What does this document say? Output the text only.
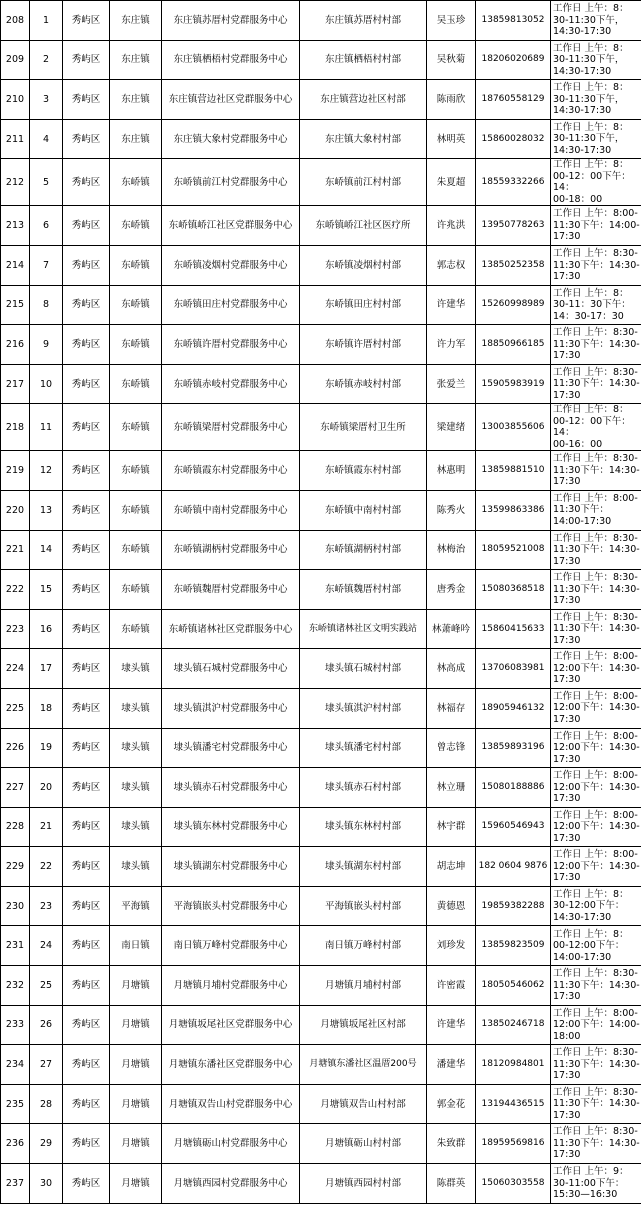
208	1	秀屿区	东庄镇	东庄镇苏厝村党群服务中心	东庄镇苏厝村村部	吴玉珍	13859813052	工作日 上午：8：
30-11:30下午，
14:30-17:30
209	2	秀屿区	东庄镇	东庄镇栖梧村党群服务中心	东庄镇栖梧村村部	吴秋菊	18206020689	工作日 上午：8：
30-11:30下午，
14:30-17:30
210	3	秀屿区	东庄镇	东庄镇营边社区党群服务中心	东庄镇营边社区村部	陈雨欣	18760558129	工作日 上午：8：
30-11:30下午，
14:30-17:30
211	4	秀屿区	东庄镇	东庄镇大象村党群服务中心	东庄镇大象村村部	林明英	15860028032	工作日 上午：8：
30-11:30下午，
14:30-17:30
212	5	秀屿区	东峤镇	东峤镇前江村党群服务中心	东峤镇前江村村部	朱夏超	18559332266	工作日 上午：8：
00-12：00下午：14：
00-18：00
213	6	秀屿区	东峤镇	东峤镇峤江社区党群服务中心	东峤镇峤江社区医疗所	许兆洪	13950778263	工作日 上午：8:00-
11:30下午：14:00-
17:30
214	7	秀屿区	东峤镇	东峤镇凌烟村党群服务中心	东峤镇凌烟村村部	郭志权	13850252358	工作日 上午：8:30-
11:30下午：14:30-
17:30
215	8	秀屿区	东峤镇	东峤镇田庄村党群服务中心	东峤镇田庄村村部	许建华	15260998989	工作日 上午：8：
30-11：30下午：
14：30-17：30
216	9	秀屿区	东峤镇	东峤镇许厝村党群服务中心	东峤镇许厝村村部	许力军	18850966185	工作日 上午：8:30-
11:30下午：14:30-
17:30
217	10	秀屿区	东峤镇	东峤镇赤岐村党群服务中心	东峤镇赤岐村村部	张爱兰	15905983919	工作日 上午：8:30-
11:30下午：14:30-
17:30
218	11	秀屿区	东峤镇	东峤镇梁厝村党群服务中心	东峤镇梁厝村卫生所	梁建绪	13003855606	工作日 上午：8：
00-12：00下午：14：
00-16：00
219	12	秀屿区	东峤镇	东峤镇霞东村党群服务中心	东峤镇霞东村村部	林惠明	13859881510	工作日 上午：8:30-
11:30下午：14:30-
17:30
220	13	秀屿区	东峤镇	东峤镇中南村党群服务中心	东峤镇中南村村部	陈秀火	13599863386	工作日 上午：8:00-
11:30下午：
14:00-17:30
221	14	秀屿区	东峤镇	东峤镇湖柄村党群服务中心	东峤镇湖柄村村部	林梅治	18059521008	工作日 上午：8:30-
11:30下午：14:30-
17:30
222	15	秀屿区	东峤镇	东峤镇魏厝村党群服务中心	东峤镇魏厝村村部	唐秀金	15080368518	工作日 上午：8:30-
11:30下午：14:30-
17:30
223	16	秀屿区	东峤镇	东峤镇诸林社区党群服务中心	东峤镇诸林社区文明实践站	林萧峰吟	15860415633	工作日 上午：8:30-
11:30下午：14:30-
17:30
224	17	秀屿区	埭头镇	埭头镇石城村党群服务中心	埭头镇石城村村部	林高成	13706083981	工作日 上午：8:00-
12:00下午：14:30-
17:30
225	18	秀屿区	埭头镇	埭头镇淇沪村党群服务中心	埭头镇淇沪村村部	林福存	18905946132	工作日 上午：8:00-
12:00下午：14:30-
17:30
226	19	秀屿区	埭头镇	埭头镇潘宅村党群服务中心	埭头镇潘宅村村部	曾志锋	13859893196	工作日 上午：8:00-
12:00下午：14:30-
17:30
227	20	秀屿区	埭头镇	埭头镇赤石村党群服务中心	埭头镇赤石村村部	林立珊	15080188886	工作日 上午：8:00-
12:00下午：14:30-
17:30
228	21	秀屿区	埭头镇	埭头镇东林村党群服务中心	埭头镇东林村村部	林宇群	15960546943	工作日 上午：8:00-
12:00下午：14:30-
17:30
229	22	秀屿区	埭头镇	埭头镇湖东村党群服务中心	埭头镇湖东村村部	胡志坤	182 0604 9876	工作日 上午：8:00-
12:00下午：14:30-
17:30
230	23	秀屿区	平海镇	平海镇嵌头村党群服务中心	平海镇嵌头村村部	黄德恩	19859382288	工作日 上午：8：
30-12:00下午：
14:30-17:30
231	24	秀屿区	南日镇	南日镇万峰村党群服务中心	南日镇万峰村村部	刘珍发	13859823509	工作日 上午：8：
00-12:00下午：
14:00-17:30
232	25	秀屿区	月塘镇	月塘镇月埔村党群服务中心	月塘镇月埔村村部	许密霞	18050546062	工作日 上午：8:30-
11:30下午：14:30-
17:30
233	26	秀屿区	月塘镇	月塘镇坂尾社区党群服务中心	月塘镇坂尾社区村部	许建华	13850246718	工作日 上午：8:00-
12:00下午：14:00-
18:00
234	27	秀屿区	月塘镇	月塘镇东潘社区党群服务中心	月塘镇东潘社区温厝200号	潘建华	18120984801	工作日 上午：8:30-
11:30下午：14:30-
17:30
235	28	秀屿区	月塘镇	月塘镇双告山村党群服务中心	月塘镇双告山村村部	郭金花	13194436515	工作日 上午：8:30-
11:30下午：14:30-
17:30
236	29	秀屿区	月塘镇	月塘镇砺山村党群服务中心	月塘镇砺山村村部	朱致群	18959569816	工作日 上午：8:30-
11:30下午：14:30-
17:30
237	30	秀屿区	月塘镇	月塘镇西园村党群服务中心	月塘镇西园村村部	陈群英	15060303558	工作日 上午：9：
30-11:00下午：
15:30—16:30
